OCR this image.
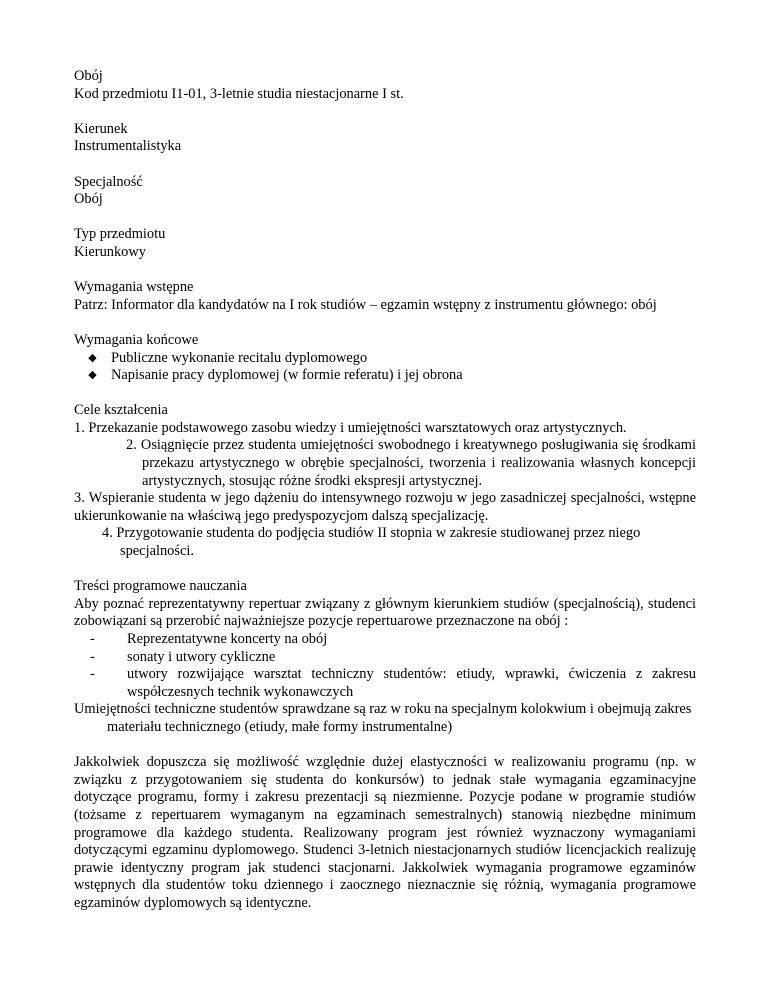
Obój
Kod przedmiotu I1-01, 3-letnie studia niestacjonarne I st.
Kierunek
Instrumentalistyka
Specjalność
Obój
Typ przedmiotu
Kierunkowy
Wymagania wstępne
Patrz: Informator dla kandydatów na I rok studiów – egzamin wstępny z instrumentu głównego: obój
Wymagania końcowe
◆ Publiczne wykonanie recitalu dyplomowego
◆ Napisanie pracy dyplomowej (w formie referatu) i jej obrona
Cele kształcenia
1. Przekazanie podstawowego zasobu wiedzy i umiejętności warsztatowych oraz artystycznych.
2. Osiągnięcie przez studenta umiejętności swobodnego i kreatywnego posługiwania się środkami przekazu artystycznego w obrębie specjalności, tworzenia i realizowania własnych koncepcji artystycznych, stosując różne środki ekspresji artystycznej.
3. Wspieranie studenta w jego dążeniu do intensywnego rozwoju w jego zasadniczej specjalności, wstępne ukierunkowanie na właściwą jego predyspozycjom dalszą specjalizację.
4. Przygotowanie studenta do podjęcia studiów II stopnia w zakresie studiowanej przez niego specjalności.
Treści programowe nauczania
Aby poznać reprezentatywny repertuar związany z głównym kierunkiem studiów (specjalnością), studenci zobowiązani są przerobić najważniejsze pozycje repertuarowe przeznaczone na obój :
- Reprezentatywne koncerty na obój
- sonaty i utwory cykliczne
- utwory rozwijające warsztat techniczny studentów: etiudy, wprawki, ćwiczenia z zakresu współczesnych technik wykonawczych
Umiejętności techniczne studentów sprawdzane są raz w roku na specjalnym kolokwium i obejmują zakres materiału technicznego (etiudy, małe formy instrumentalne)
Jakkolwiek dopuszcza się możliwość względnie dużej elastyczności w realizowaniu programu (np. w związku z przygotowaniem się studenta do konkursów) to jednak stałe wymagania egzaminacyjne dotyczące programu, formy i zakresu prezentacji są niezmienne. Pozycje podane w programie studiów (tożsame z repertuarem wymaganym na egzaminach semestralnych) stanowią niezbędne minimum programowe dla każdego studenta. Realizowany program jest również wyznaczony wymaganiami dotyczącymi egzaminu dyplomowego. Studenci 3-letnich niestacjonarnych studiów licencjackich realizuję prawie identyczny program jak studenci stacjonarni. Jakkolwiek wymagania programowe egzaminów wstępnych dla studentów toku dziennego i zaocznego nieznacznie się różnią, wymagania programowe egzaminów dyplomowych są identyczne.
